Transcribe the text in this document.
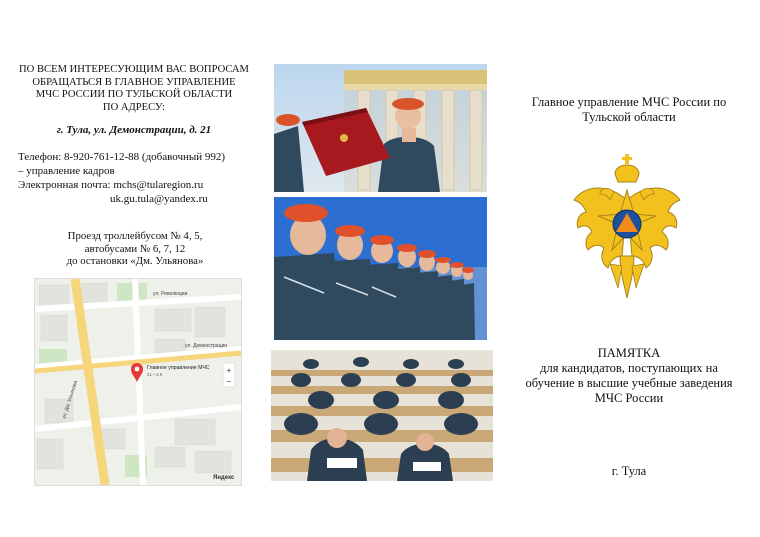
ПО ВСЕМ ИНТЕРЕСУЮЩИМ ВАС ВОПРОСАМ
ОБРАЩАТЬСЯ В ГЛАВНОЕ УПРАВЛЕНИЕ
МЧС РОССИИ ПО ТУЛЬСКОЙ ОБЛАСТИ
ПО АДРЕСУ:
г. Тула, ул. Демонстрации, д. 21
Телефон: 8-920-761-12-88 (добавочный 992)
– управление кадров
Электронная почта: mchs@tularegion.ru
uk.gu.tula@yandex.ru
Проезд троллейбусом № 4, 5,
автобусами № 6, 7, 12
до остановки «Дм. Ульянова»
ул. Революции
ул. Демонстрации
ул. Дм. Ульянова
Главное управление МЧС
21 • 4,6	+
−
Яндекс
Главное управление МЧС России по
Тульской области
ПАМЯТКА
для кандидатов, поступающих на
обучение в высшие учебные заведения
МЧС России
г. Тула
